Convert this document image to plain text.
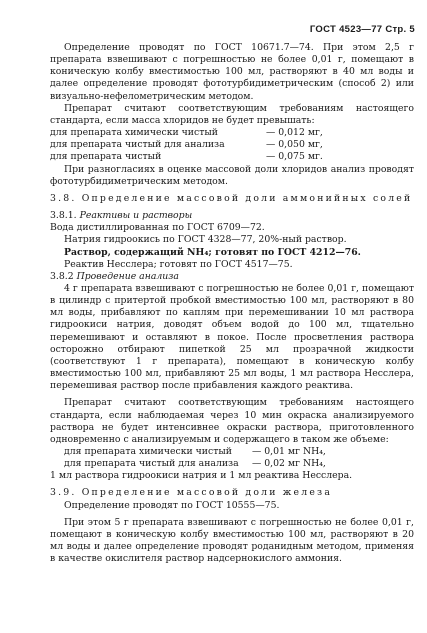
ГОСТ 4523—77 Стр. 5

Определение проводят по ГОСТ 10671.7—74. При этом 2,5 г препарата взвешивают с погрешностью не более 0,01 г, помещают в коническую колбу вместимостью 100 мл, растворяют в 40 мл воды и далее определение проводят фототурбидиметрическим (способ 2) или визуально-нефелометрическим методом.

Препарат считают соответствующим требованиям настоящего стандарта, если масса хлоридов не будет превышать:

для препарата химически чистый	— 0,012 мг,
для препарата чистый для анализа	— 0,050 мг,
для препарата чистый	— 0,075 мг.

При разногласиях в оценке массовой доли хлоридов анализ проводят фототурбидиметрическим методом.

3.8. Определение массовой доли аммонийных солей

3.8.1. Реактивы и растворы

Вода дистиллированная по ГОСТ 6709—72.

Натрия гидроокись по ГОСТ 4328—77, 20%-ный раствор.

Раствор, содержащий NH₄; готовят по ГОСТ 4212—76.

Реактив Несслера; готовят по ГОСТ 4517—75.

3.8.2 Проведение анализа

4 г препарата взвешивают с погрешностью не более 0,01 г, помещают в цилиндр с притертой пробкой вместимостью 100 мл, растворяют в 80 мл воды, прибавляют по каплям при перемешивании 10 мл раствора гидроокиси натрия, доводят объем водой до 100 мл, тщательно перемешивают и оставляют в покое. После просветления раствора осторожно отбирают пипеткой 25 мл прозрачной жидкости (соответствуют 1 г препарата), помещают в коническую колбу вместимостью 100 мл, прибавляют 25 мл воды, 1 мл раствора Несслера, перемешивая раствор после прибавления каждого реактива.

Препарат считают соответствующим требованиям настоящего стандарта, если наблюдаемая через 10 мин окраска анализируемого раствора не будет интенсивнее окраски раствора, приготовленного одновременно с анализируемым и содержащего в таком же объеме:

для препарата химически чистый	— 0,01 мг NH₄,
для препарата чистый для анализа	— 0,02 мг NH₄,

1 мл раствора гидроокиси натрия и 1 мл реактива Несслера.

3.9. Определение массовой доли железа

Определение проводят по ГОСТ 10555—75.

При этом 5 г препарата взвешивают с погрешностью не более 0,01 г, помещают в коническую колбу вместимостью 100 мл, растворяют в 20 мл воды и далее определение проводят роданидным методом, применяя в качестве окислителя раствор надсернокислого аммония.
